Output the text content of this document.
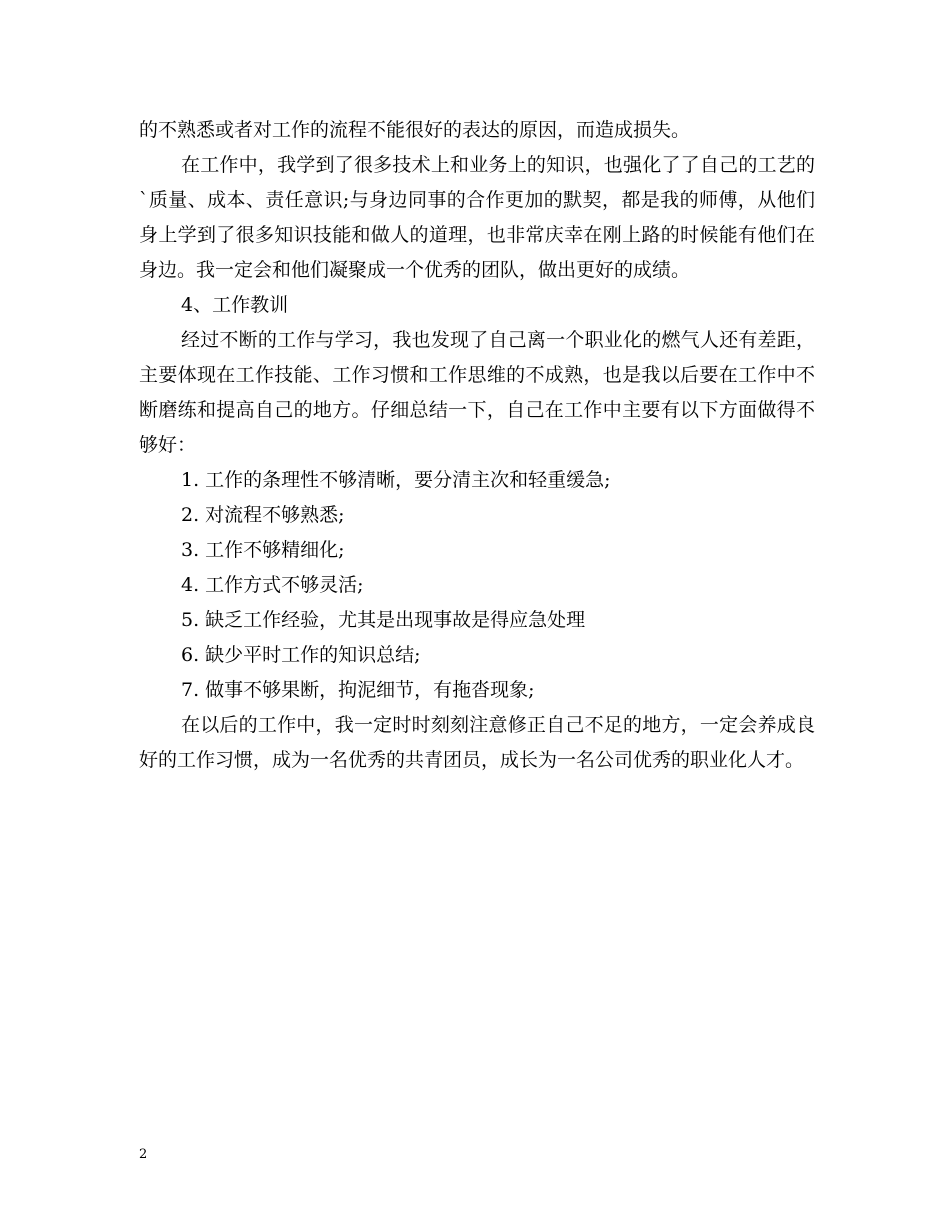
的不熟悉或者对工作的流程不能很好的表达的原因，而造成损失。

在工作中，我学到了很多技术上和业务上的知识，也强化了了自己的工艺的`质量、成本、责任意识;与身边同事的合作更加的默契，都是我的师傅，从他们身上学到了很多知识技能和做人的道理，也非常庆幸在刚上路的时候能有他们在身边。我一定会和他们凝聚成一个优秀的团队，做出更好的成绩。

4、工作教训

经过不断的工作与学习，我也发现了自己离一个职业化的燃气人还有差距，主要体现在工作技能、工作习惯和工作思维的不成熟，也是我以后要在工作中不断磨练和提高自己的地方。仔细总结一下，自己在工作中主要有以下方面做得不够好：

1. 工作的条理性不够清晰，要分清主次和轻重缓急;
2. 对流程不够熟悉;
3. 工作不够精细化;
4. 工作方式不够灵活;
5. 缺乏工作经验，尤其是出现事故是得应急处理
6. 缺少平时工作的知识总结;
7. 做事不够果断，拘泥细节，有拖沓现象;

在以后的工作中，我一定时时刻刻注意修正自己不足的地方，一定会养成良好的工作习惯，成为一名优秀的共青团员，成长为一名公司优秀的职业化人才。

2
